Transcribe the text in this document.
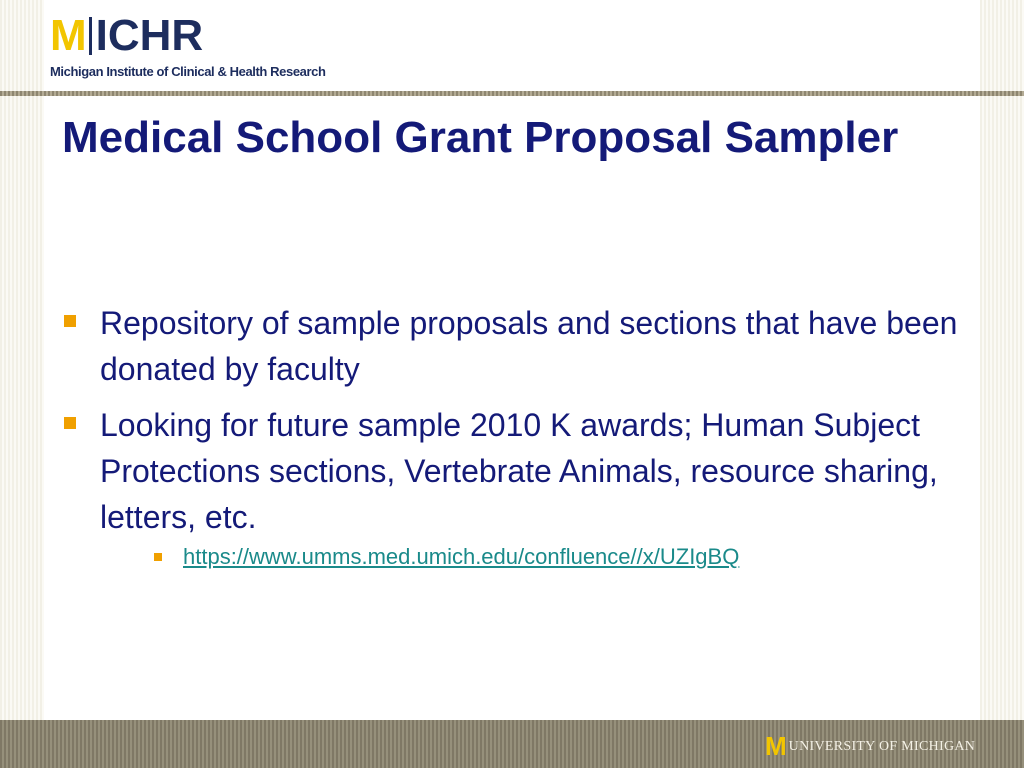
M ICHR
Michigan Institute of Clinical & Health Research
Medical School Grant Proposal Sampler
Repository of sample proposals and sections that have been donated by faculty
Looking for future sample 2010 K awards; Human Subject Protections sections, Vertebrate Animals, resource sharing, letters, etc.
https://www.umms.med.umich.edu/confluence//x/UZIgBQ
M UNIVERSITY OF MICHIGAN
